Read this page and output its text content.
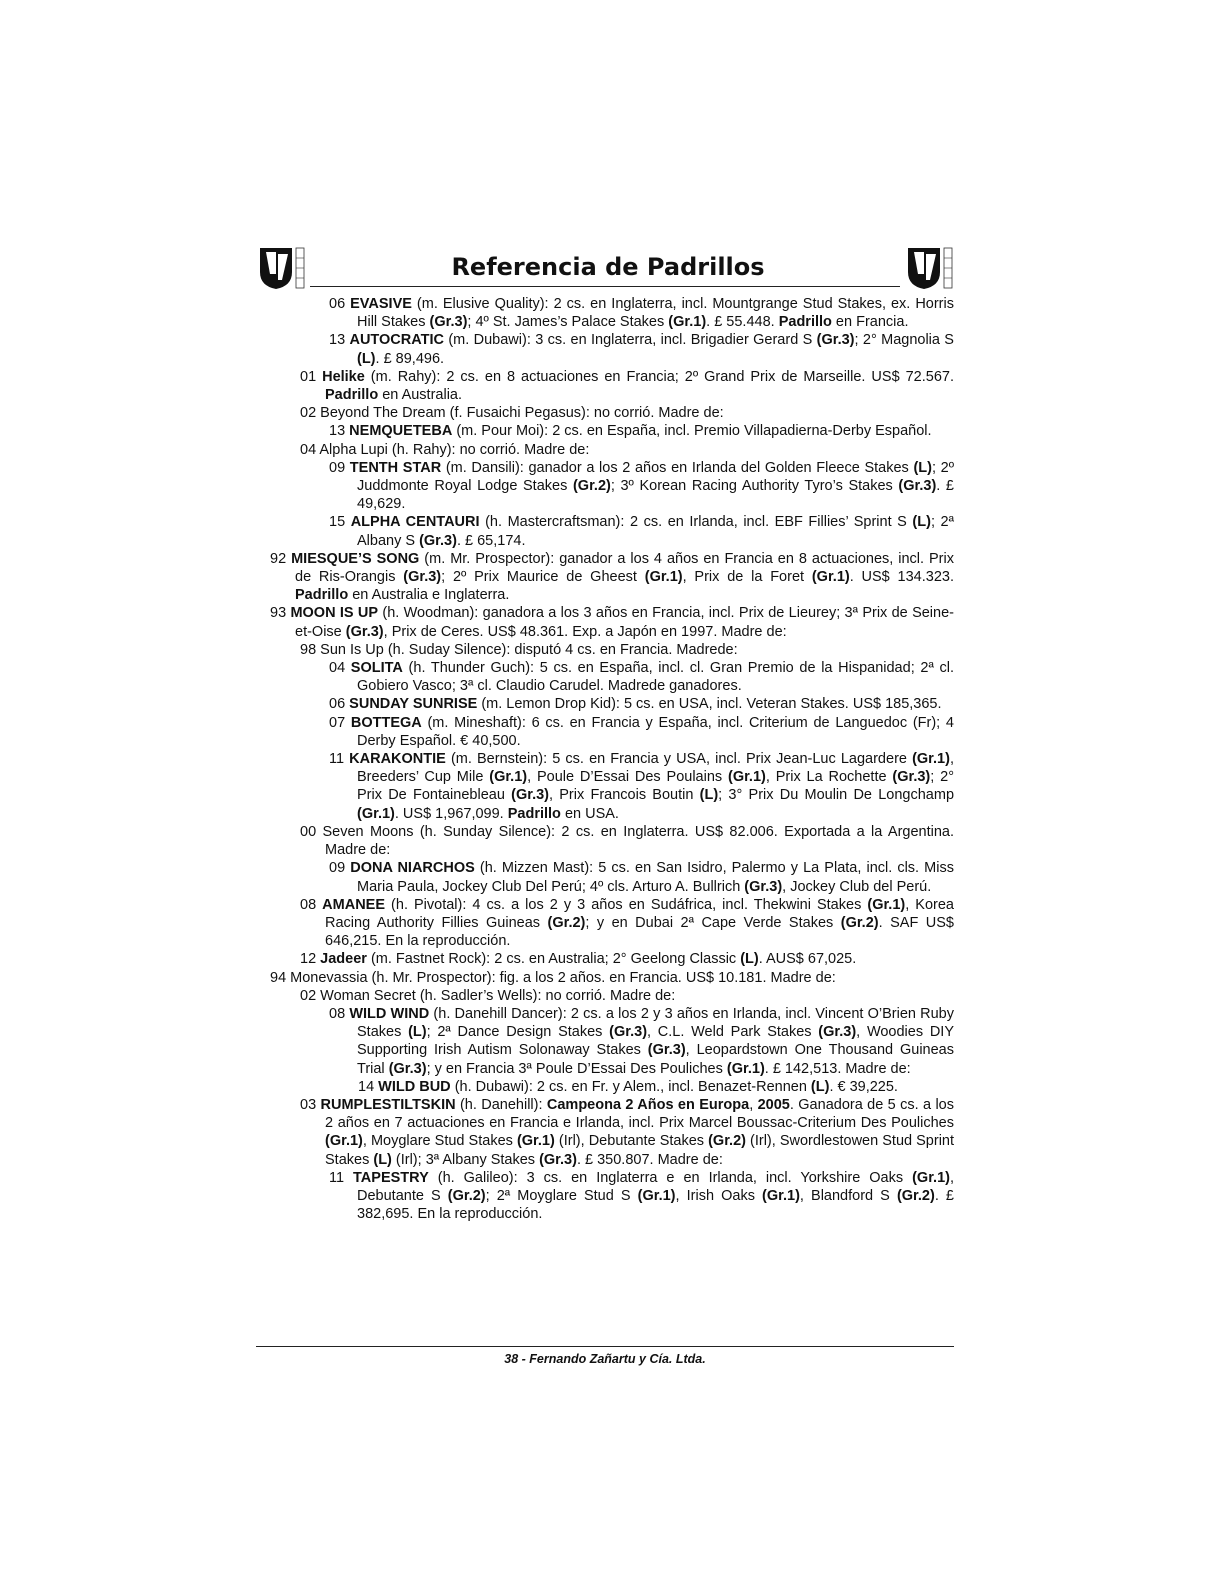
Referencia de Padrillos

06 EVASIVE (m. Elusive Quality): 2 cs. en Inglaterra, incl. Mountgrange Stud Stakes, ex. Horris Hill Stakes (Gr.3); 4º St. James’s Palace Stakes (Gr.1). £ 55.448. Padrillo en Francia.

13 AUTOCRATIC (m. Dubawi): 3 cs. en Inglaterra, incl. Brigadier Gerard S (Gr.3); 2° Magnolia S (L). £ 89,496.

01 Helike (m. Rahy): 2 cs. en 8 actuaciones en Francia; 2º Grand Prix de Marseille. US$ 72.567. Padrillo en Australia.

02 Beyond The Dream (f. Fusaichi Pegasus): no corrió. Madre de:

13 NEMQUETEBA (m. Pour Moi): 2 cs. en España, incl. Premio Villapadierna-Derby Español.

04 Alpha Lupi (h. Rahy): no corrió. Madre de:

09 TENTH STAR (m. Dansili): ganador a los 2 años en Irlanda del Golden Fleece Stakes (L); 2º Juddmonte Royal Lodge Stakes (Gr.2); 3º Korean Racing Authority Tyro’s Stakes (Gr.3). £ 49,629.

15 ALPHA CENTAURI (h. Mastercraftsman): 2 cs. en Irlanda, incl. EBF Fillies’ Sprint S (L); 2ª Albany S (Gr.3). £ 65,174.

92 MIESQUE’S SONG (m. Mr. Prospector): ganador a los 4 años en Francia en 8 actuaciones, incl. Prix de Ris-Orangis (Gr.3); 2º Prix Maurice de Gheest (Gr.1), Prix de la Foret (Gr.1). US$ 134.323. Padrillo en Australia e Inglaterra.

93 MOON IS UP (h. Woodman): ganadora a los 3 años en Francia, incl. Prix de Lieurey; 3ª Prix de Seine-et-Oise (Gr.3), Prix de Ceres. US$ 48.361. Exp. a Japón en 1997. Madre de:

98 Sun Is Up (h. Suday Silence): disputó 4 cs. en Francia. Madrede:

04 SOLITA (h. Thunder Guch): 5 cs. en España, incl. cl. Gran Premio de la Hispanidad; 2ª cl. Gobiero Vasco; 3ª cl. Claudio Carudel. Madrede ganadores.

06 SUNDAY SUNRISE (m. Lemon Drop Kid): 5 cs. en USA, incl. Veteran Stakes. US$ 185,365.

07 BOTTEGA (m. Mineshaft): 6 cs. en Francia y España, incl. Criterium de Languedoc (Fr); 4 Derby Español. € 40,500.

11 KARAKONTIE (m. Bernstein): 5 cs. en Francia y USA, incl. Prix Jean-Luc Lagardere (Gr.1), Breeders’ Cup Mile (Gr.1), Poule D’Essai Des Poulains (Gr.1), Prix La Rochette (Gr.3); 2° Prix De Fontainebleau (Gr.3), Prix Francois Boutin (L); 3° Prix Du Moulin De Longchamp (Gr.1). US$ 1,967,099. Padrillo en USA.

00 Seven Moons (h. Sunday Silence): 2 cs. en Inglaterra. US$ 82.006. Exportada a la Argentina. Madre de:

09 DONA NIARCHOS (h. Mizzen Mast): 5 cs. en San Isidro, Palermo y La Plata, incl. cls. Miss Maria Paula, Jockey Club Del Perú; 4º cls. Arturo A. Bullrich (Gr.3), Jockey Club del Perú.

08 AMANEE (h. Pivotal): 4 cs. a los 2 y 3 años en Sudáfrica, incl. Thekwini Stakes (Gr.1), Korea Racing Authority Fillies Guineas (Gr.2); y en Dubai 2ª Cape Verde Stakes (Gr.2). SAF US$ 646,215. En la reproducción.

12 Jadeer (m. Fastnet Rock): 2 cs. en Australia; 2° Geelong Classic (L). AUS$ 67,025.

94 Monevassia (h. Mr. Prospector): fig. a los 2 años. en Francia. US$ 10.181. Madre de:

02 Woman Secret (h. Sadler’s Wells): no corrió. Madre de:

08 WILD WIND (h. Danehill Dancer): 2 cs. a los 2 y 3 años en Irlanda, incl. Vincent O’Brien Ruby Stakes (L); 2ª Dance Design Stakes (Gr.3), C.L. Weld Park Stakes (Gr.3), Woodies DIY Supporting Irish Autism Solonaway Stakes (Gr.3), Leopardstown One Thousand Guineas Trial (Gr.3); y en Francia 3ª Poule D’Essai Des Pouliches (Gr.1). £ 142,513. Madre de:

14 WILD BUD (h. Dubawi): 2 cs. en Fr. y Alem., incl. Benazet-Rennen (L). € 39,225.

03 RUMPLESTILTSKIN (h. Danehill): Campeona 2 Años en Europa, 2005. Ganadora de 5 cs. a los 2 años en 7 actuaciones en Francia e Irlanda, incl. Prix Marcel Boussac-Criterium Des Pouliches (Gr.1), Moyglare Stud Stakes (Gr.1) (Irl), Debutante Stakes (Gr.2) (Irl), Swordlestowen Stud Sprint Stakes (L) (Irl); 3ª Albany Stakes (Gr.3). £ 350.807. Madre de:

11 TAPESTRY (h. Galileo): 3 cs. en Inglaterra e en Irlanda, incl. Yorkshire Oaks (Gr.1), Debutante S (Gr.2); 2ª Moyglare Stud S (Gr.1), Irish Oaks (Gr.1), Blandford S (Gr.2). £ 382,695. En la reproducción.

38 - Fernando Zañartu y Cía. Ltda.
